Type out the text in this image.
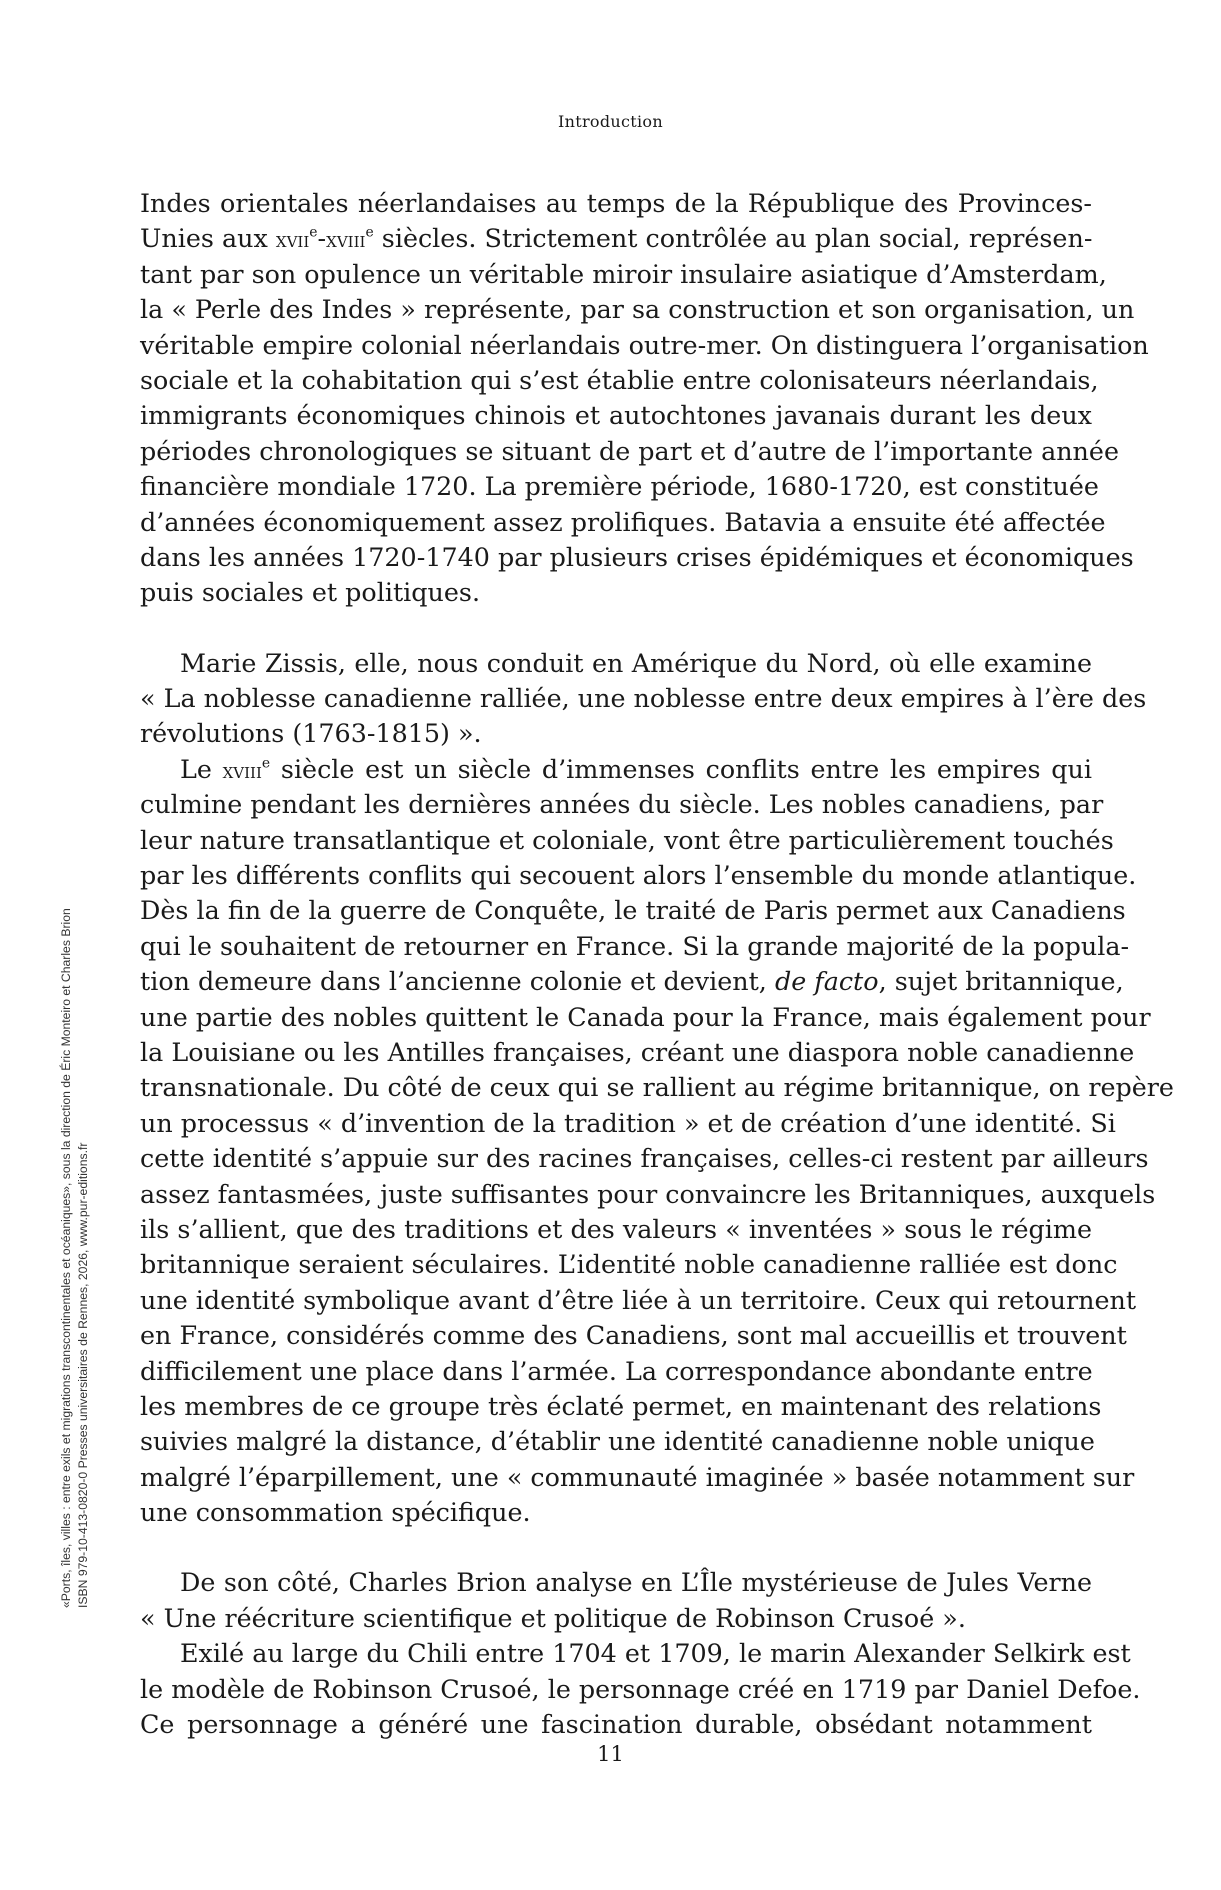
Introduction
Indes orientales néerlandaises au temps de la République des Provinces-
Unies aux xvii$^e$-xviii$^e$ siècles. Strictement contrôlée au plan social, représen-
tant par son opulence un véritable miroir insulaire asiatique d’Amsterdam,
la « Perle des Indes » représente, par sa construction et son organisation, un
véritable empire colonial néerlandais outre-mer. On distinguera l’organisation
sociale et la cohabitation qui s’est établie entre colonisateurs néerlandais,
immigrants économiques chinois et autochtones javanais durant les deux
périodes chronologiques se situant de part et d’autre de l’importante année
financière mondiale 1720. La première période, 1680-1720, est constituée
d’années économiquement assez prolifiques. Batavia a ensuite été affectée
dans les années 1720-1740 par plusieurs crises épidémiques et économiques
puis sociales et politiques.
Marie Zissis, elle, nous conduit en Amérique du Nord, où elle examine
« La noblesse canadienne ralliée, une noblesse entre deux empires à l’ère des
révolutions (1763-1815) ».
Le xviii$^e$ siècle est un siècle d’immenses conflits entre les empires qui
culmine pendant les dernières années du siècle. Les nobles canadiens, par
leur nature transatlantique et coloniale, vont être particulièrement touchés
par les différents conflits qui secouent alors l’ensemble du monde atlantique.
Dès la fin de la guerre de Conquête, le traité de Paris permet aux Canadiens
qui le souhaitent de retourner en France. Si la grande majorité de la popula-
tion demeure dans l’ancienne colonie et devient, de facto, sujet britannique,
une partie des nobles quittent le Canada pour la France, mais également pour
la Louisiane ou les Antilles françaises, créant une diaspora noble canadienne
transnationale. Du côté de ceux qui se rallient au régime britannique, on repère
un processus « d’invention de la tradition » et de création d’une identité. Si
cette identité s’appuie sur des racines françaises, celles-ci restent par ailleurs
assez fantasmées, juste suffisantes pour convaincre les Britanniques, auxquels
ils s’allient, que des traditions et des valeurs « inventées » sous le régime
britannique seraient séculaires. L’identité noble canadienne ralliée est donc
une identité symbolique avant d’être liée à un territoire. Ceux qui retournent
en France, considérés comme des Canadiens, sont mal accueillis et trouvent
difficilement une place dans l’armée. La correspondance abondante entre
les membres de ce groupe très éclaté permet, en maintenant des relations
suivies malgré la distance, d’établir une identité canadienne noble unique
malgré l’éparpillement, une « communauté imaginée » basée notamment sur
une consommation spécifique.
De son côté, Charles Brion analyse en L’Île mystérieuse de Jules Verne
« Une réécriture scientifique et politique de Robinson Crusoé ».
Exilé au large du Chili entre 1704 et 1709, le marin Alexander Selkirk est
le modèle de Robinson Crusoé, le personnage créé en 1719 par Daniel Defoe.
Ce personnage a généré une fascination durable, obsédant notamment
11
«Ports, îles, villes : entre exils et migrations transcontinentales et océaniques», sous la direction de Éric Monteiro et Charles Brion ISBN 979-10-413-0820-0 Presses universitaires de Rennes, 2026, www.pur-editions.fr
